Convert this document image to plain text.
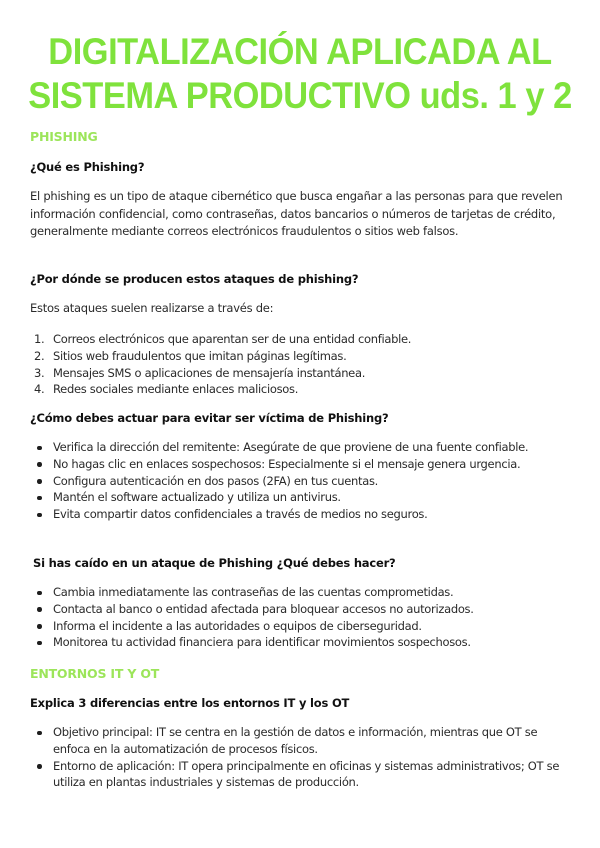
DIGITALIZACIÓN APLICADA AL
SISTEMA PRODUCTIVO uds. 1 y 2
PHISHING
¿Qué es Phishing?

El phishing es un tipo de ataque cibernético que busca engañar a las personas para que revelen información confidencial, como contraseñas, datos bancarios o números de tarjetas de crédito, generalmente mediante correos electrónicos fraudulentos o sitios web falsos.

¿Por dónde se producen estos ataques de phishing?

Estos ataques suelen realizarse a través de:

1. Correos electrónicos que aparentan ser de una entidad confiable.
2. Sitios web fraudulentos que imitan páginas legítimas.
3. Mensajes SMS o aplicaciones de mensajería instantánea.
4. Redes sociales mediante enlaces maliciosos.
¿Cómo debes actuar para evitar ser víctima de Phishing?
Verifica la dirección del remitente: Asegúrate de que proviene de una fuente confiable.
No hagas clic en enlaces sospechosos: Especialmente si el mensaje genera urgencia.
Configura autenticación en dos pasos (2FA) en tus cuentas.
Mantén el software actualizado y utiliza un antivirus.
Evita compartir datos confidenciales a través de medios no seguros.
Si has caído en un ataque de Phishing ¿Qué debes hacer?
Cambia inmediatamente las contraseñas de las cuentas comprometidas.
Contacta al banco o entidad afectada para bloquear accesos no autorizados.
Informa el incidente a las autoridades o equipos de ciberseguridad.
Monitorea tu actividad financiera para identificar movimientos sospechosos.
ENTORNOS IT Y OT
Explica 3 diferencias entre los entornos IT y los OT
Objetivo principal: IT se centra en la gestión de datos e información, mientras que OT se enfoca en la automatización de procesos físicos.
Entorno de aplicación: IT opera principalmente en oficinas y sistemas administrativos; OT se utiliza en plantas industriales y sistemas de producción.
